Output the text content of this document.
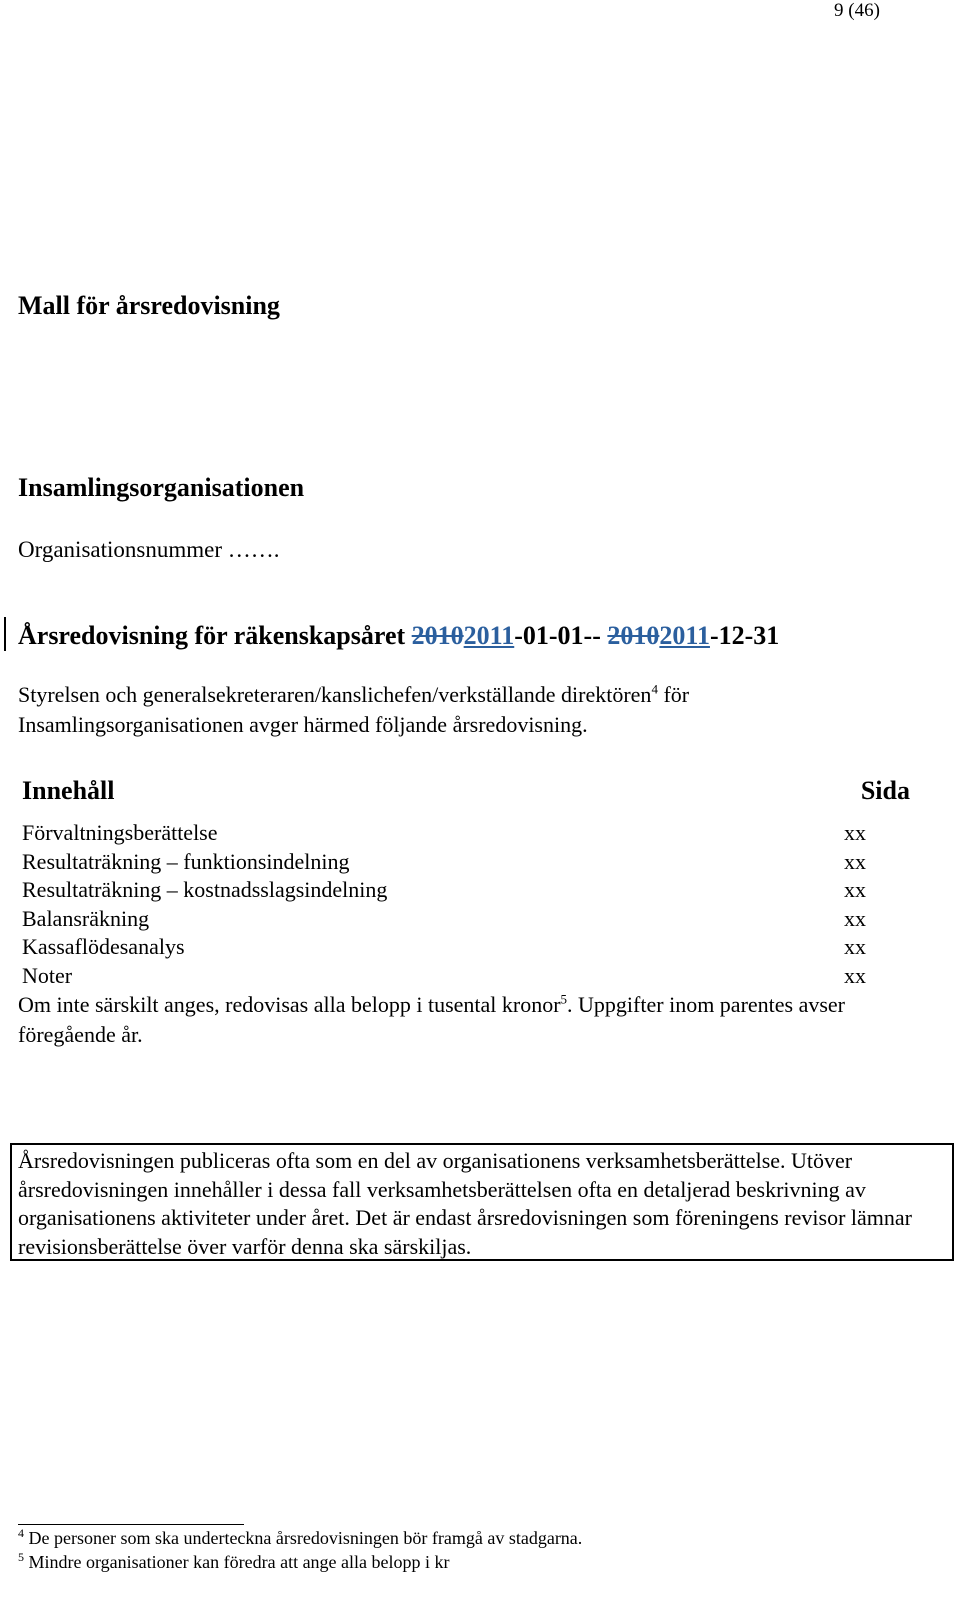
9 (46)
Mall för årsredovisning
Insamlingsorganisationen
Organisationsnummer …….
Årsredovisning för räkenskapsåret 20102011-01-01-- 20102011-12-31
Styrelsen och generalsekreteraren/kanslichefen/verkställande direktören$^4$ för Insamlingsorganisationen avger härmed följande årsredovisning.
Innehåll	Sida
Förvaltningsberättelse	xx
Resultaträkning – funktionsindelning	xx
Resultaträkning – kostnadsslagsindelning	xx
Balansräkning	xx
Kassaflödesanalys	xx
Noter	xx
Om inte särskilt anges, redovisas alla belopp i tusental kronor$^5$. Uppgifter inom parentes avser föregående år.
Årsredovisningen publiceras ofta som en del av organisationens verksamhetsberättelse. Utöver årsredovisningen innehåller i dessa fall verksamhetsberättelsen ofta en detaljerad beskrivning av organisationens aktiviteter under året. Det är endast årsredovisningen som föreningens revisor lämnar revisionsberättelse över varför denna ska särskiljas.
$^4$ De personer som ska underteckna årsredovisningen bör framgå av stadgarna.
$^5$ Mindre organisationer kan föredra att ange alla belopp i kr
